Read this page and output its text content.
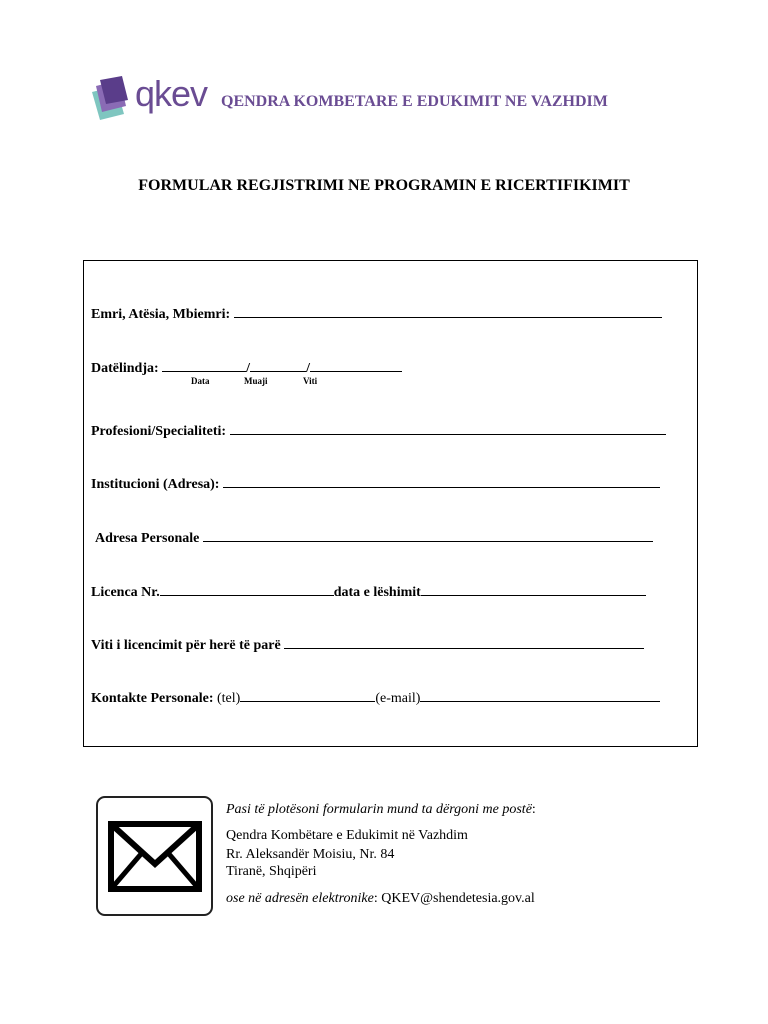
qkev QENDRA KOMBETARE E EDUKIMIT NE VAZHDIM
FORMULAR REGJISTRIMI NE PROGRAMIN E RICERTIFIKIMIT
Emri, Atësia, Mbiemri:
Datëlindja:	/	/
Data	Muaji	Viti
Profesioni/Specialiteti:
Institucioni (Adresa):
Adresa Personale
Licenca Nr.	data e lëshimit
Viti i licencimit për herë të parë
Kontakte Personale: (tel)	(e-mail)
Pasi të plotësoni formularin mund ta dërgoni me postë:
Qendra Kombëtare e Edukimit në Vazhdim
Rr. Aleksandër Moisiu, Nr. 84
Tiranë, Shqipëri
ose në adresën elektronike: QKEV@shendetesia.gov.al
